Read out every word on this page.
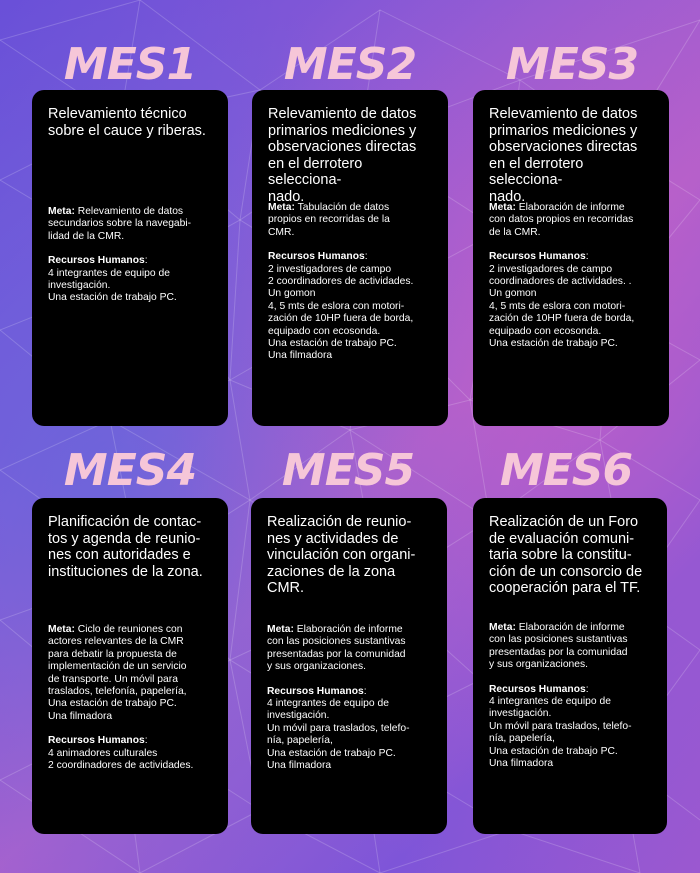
MES1	MES2	MES3

Relevamiento técnico
sobre el cauce y riberas.

Meta: Relevamiento de datos
secundarios sobre la navegabi-
lidad de la CMR.
Recursos Humanos:
4 integrantes de equipo de
investigación.
Una estación de trabajo PC.

Relevamiento de datos
primarios mediciones y
observaciones directas
en el derrotero selecciona-
nado.

Meta: Tabulación de datos
propios en recorridas de la
CMR.
Recursos Humanos:
2 investigadores de campo
2 coordinadores de actividades.
Un gomon
4, 5 mts de eslora con motori-
zación de 10HP fuera de borda,
equipado con ecosonda.
Una estación de trabajo PC.
Una filmadora

Relevamiento de datos
primarios mediciones y
observaciones directas
en el derrotero selecciona-
nado.

Meta: Elaboración de informe
con datos propios en recorridas
de la CMR.
Recursos Humanos:
2 investigadores de campo
coordinadores de actividades. .
Un gomon
4, 5 mts de eslora con motori-
zación de 10HP fuera de borda,
equipado con ecosonda.
Una estación de trabajo PC.
MES4	MES5	MES6

Planificación de contac-
tos y agenda de reunio-
nes con autoridades e
instituciones de la zona.

Meta: Ciclo de reuniones con
actores relevantes de la CMR
para debatir la propuesta de
implementación de un servicio
de transporte. Un móvil para
traslados, telefonía, papelería,
Una estación de trabajo PC.
Una filmadora
Recursos Humanos:
4 animadores culturales
2 coordinadores de actividades.

Realización de reunio-
nes y actividades de
vinculación con organi-
zaciones de la zona
CMR.

Meta: Elaboración de informe
con las posiciones sustantivas
presentadas por la comunidad
y sus organizaciones.
Recursos Humanos:
4 integrantes de equipo de
investigación.
Un móvil para traslados, telefo-
nía, papelería,
Una estación de trabajo PC.
Una filmadora

Realización de un Foro
de evaluación comuni-
taria sobre la constitu-
ción de un consorcio de
cooperación para el TF.

Meta: Elaboración de informe
con las posiciones sustantivas
presentadas por la comunidad
y sus organizaciones.
Recursos Humanos:
4 integrantes de equipo de
investigación.
Un móvil para traslados, telefo-
nía, papelería,
Una estación de trabajo PC.
Una filmadora
